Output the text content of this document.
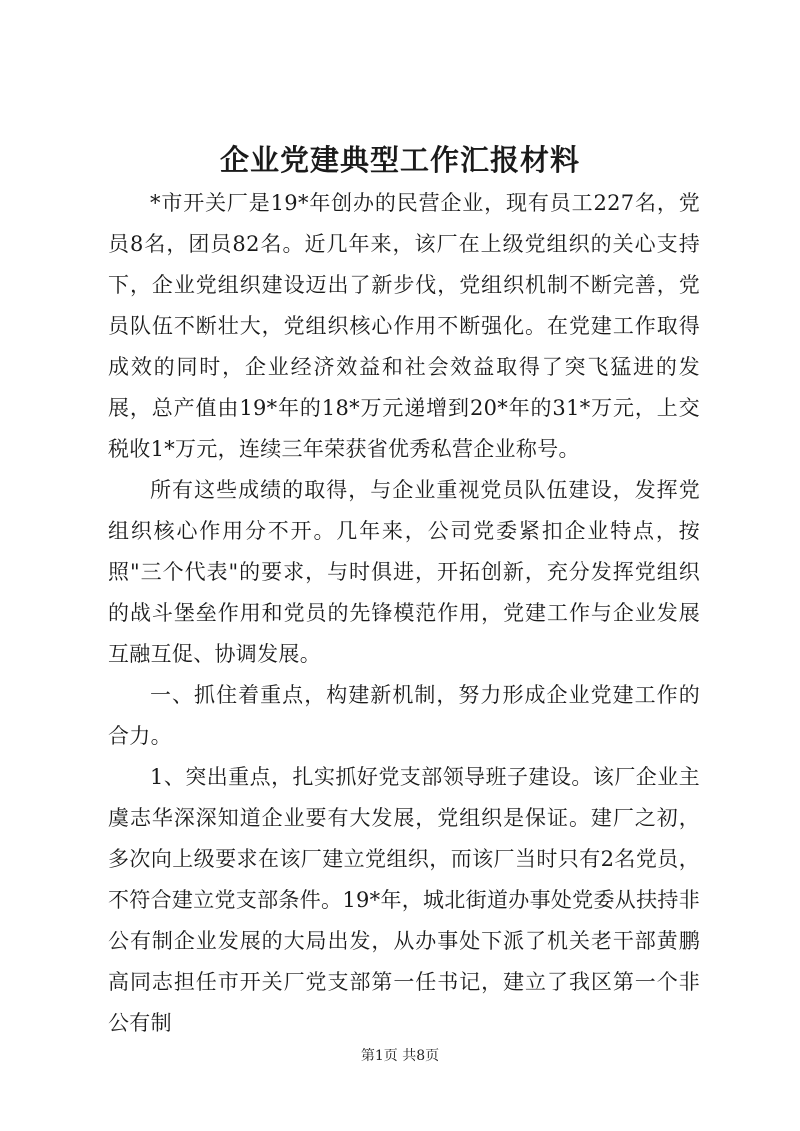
企业党建典型工作汇报材料

*市开关厂是19*年创办的民营企业，现有员工227名，党员8名，团员82名。近几年来，该厂在上级党组织的关心支持下，企业党组织建设迈出了新步伐，党组织机制不断完善，党员队伍不断壮大，党组织核心作用不断强化。在党建工作取得成效的同时，企业经济效益和社会效益取得了突飞猛进的发展，总产值由19*年的18*万元递增到20*年的31*万元，上交税收1*万元，连续三年荣获省优秀私营企业称号。

所有这些成绩的取得，与企业重视党员队伍建设，发挥党组织核心作用分不开。几年来，公司党委紧扣企业特点，按照"三个代表"的要求，与时俱进，开拓创新，充分发挥党组织的战斗堡垒作用和党员的先锋模范作用，党建工作与企业发展互融互促、协调发展。

一、抓住着重点，构建新机制，努力形成企业党建工作的合力。

1、突出重点，扎实抓好党支部领导班子建设。该厂企业主虞志华深深知道企业要有大发展，党组织是保证。建厂之初，多次向上级要求在该厂建立党组织，而该厂当时只有2名党员，不符合建立党支部条件。19*年，城北街道办事处党委从扶持非公有制企业发展的大局出发，从办事处下派了机关老干部黄鹏高同志担任市开关厂党支部第一任书记，建立了我区第一个非公有制

第1页 共8页
